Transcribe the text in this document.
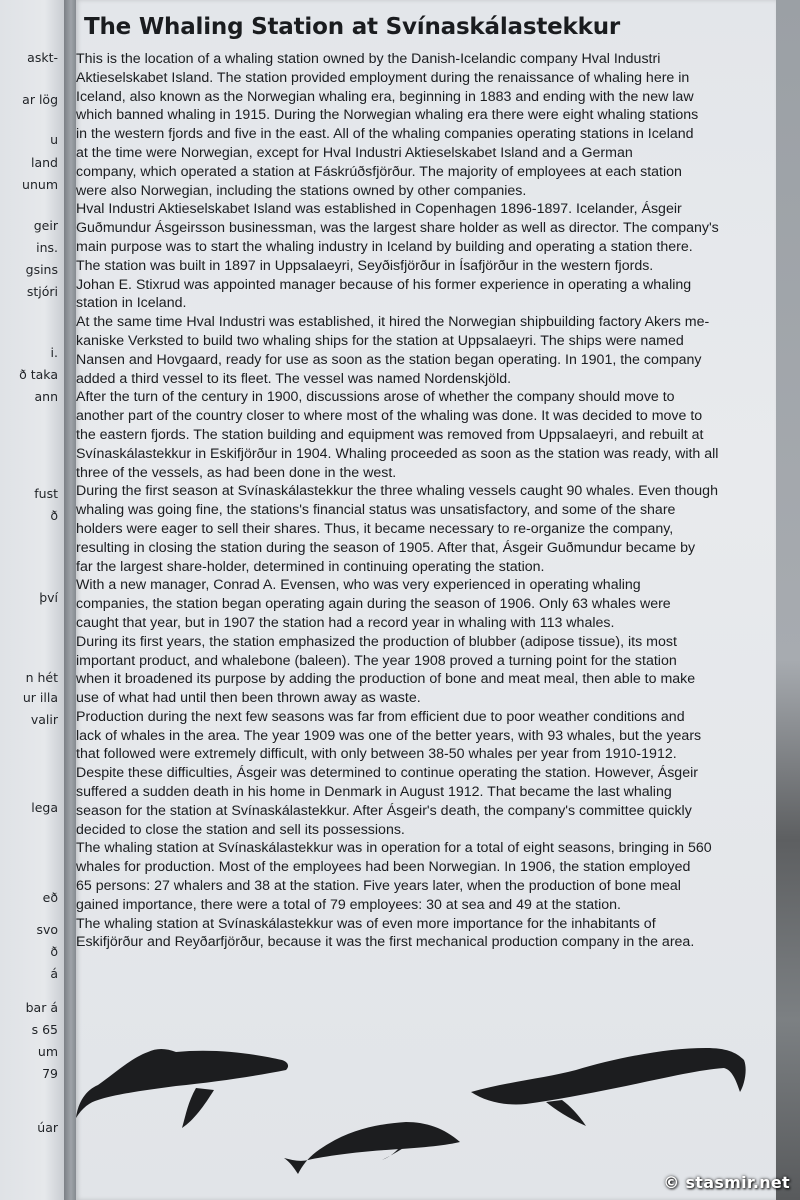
askt-
ar lög
u
land
unum
geir
ins.
gsins
stjóri
i.
ð taka
ann
fust
ð
því
n hét
ur illa
valir
lega
eð
svo
ð
á
bar á
s 65
um
79
úar
The Whaling Station at Svínaskálastekkur

This is the location of a whaling station owned by the Danish-Icelandic company Hval Industri

Aktieselskabet Island. The station provided employment during the renaissance of whaling here in

Iceland, also known as the Norwegian whaling era, beginning in 1883 and ending with the new law

which banned whaling in 1915. During the Norwegian whaling era there were eight whaling stations

in the western fjords and five in the east. All of the whaling companies operating stations in Iceland

at the time were Norwegian, except for Hval Industri Aktieselskabet Island and a German

company, which operated a station at Fáskrúðsfjörður. The majority of employees at each station

were also Norwegian, including the stations owned by other companies.

Hval Industri Aktieselskabet Island was established in Copenhagen 1896-1897. Icelander, Ásgeir

Guðmundur Ásgeirsson businessman, was the largest share holder as well as director. The company's

main purpose was to start the whaling industry in Iceland by building and operating a station there.

The station was built in 1897 in Uppsalaeyri, Seyðisfjörður in Ísafjörður in the western fjords.

Johan E. Stixrud was appointed manager because of his former experience in operating a whaling

station in Iceland.

At the same time Hval Industri was established, it hired the Norwegian shipbuilding factory Akers me-

kaniske Verksted to build two whaling ships for the station at Uppsalaeyri. The ships were named

Nansen and Hovgaard, ready for use as soon as the station began operating. In 1901, the company

added a third vessel to its fleet. The vessel was named Nordenskjöld.

After the turn of the century in 1900, discussions arose of whether the company should move to

another part of the country closer to where most of the whaling was done. It was decided to move to

the eastern fjords. The station building and equipment was removed from Uppsalaeyri, and rebuilt at

Svínaskálastekkur in Eskifjörður in 1904. Whaling proceeded as soon as the station was ready, with all

three of the vessels, as had been done in the west.

During the first season at Svínaskálastekkur the three whaling vessels caught 90 whales. Even though

whaling was going fine, the stations's financial status was unsatisfactory, and some of the share

holders were eager to sell their shares. Thus, it became necessary to re-organize the company,

resulting in closing the station during the season of 1905. After that, Ásgeir Guðmundur became by

far the largest share-holder, determined in continuing operating the station.

With a new manager, Conrad A. Evensen, who was very experienced in operating whaling

companies, the station began operating again during the season of 1906. Only 63 whales were

caught that year, but in 1907 the station had a record year in whaling with 113 whales.

During its first years, the station emphasized the production of blubber (adipose tissue), its most

important product, and whalebone (baleen). The year 1908 proved a turning point for the station

when it broadened its purpose by adding the production of bone and meat meal, then able to make

use of what had until then been thrown away as waste.

Production during the next few seasons was far from efficient due to poor weather conditions and

lack of whales in the area. The year 1909 was one of the better years, with 93 whales, but the years

that followed were extremely difficult, with only between 38-50 whales per year from 1910-1912.

Despite these difficulties, Ásgeir was determined to continue operating the station. However, Ásgeir

suffered a sudden death in his home in Denmark in August 1912. That became the last whaling

season for the station at Svínaskálastekkur. After Ásgeir's death, the company's committee quickly

decided to close the station and sell its possessions.

The whaling station at Svínaskálastekkur was in operation for a total of eight seasons, bringing in 560

whales for production. Most of the employees had been Norwegian. In 1906, the station employed

65 persons: 27 whalers and 38 at the station. Five years later, when the production of bone meal

gained importance, there were a total of 79 employees: 30 at sea and 49 at the station.

The whaling station at Svínaskálastekkur was of even more importance for the inhabitants of

Eskifjörður and Reyðarfjörður, because it was the first mechanical production company in the area.

© stasmir.net
